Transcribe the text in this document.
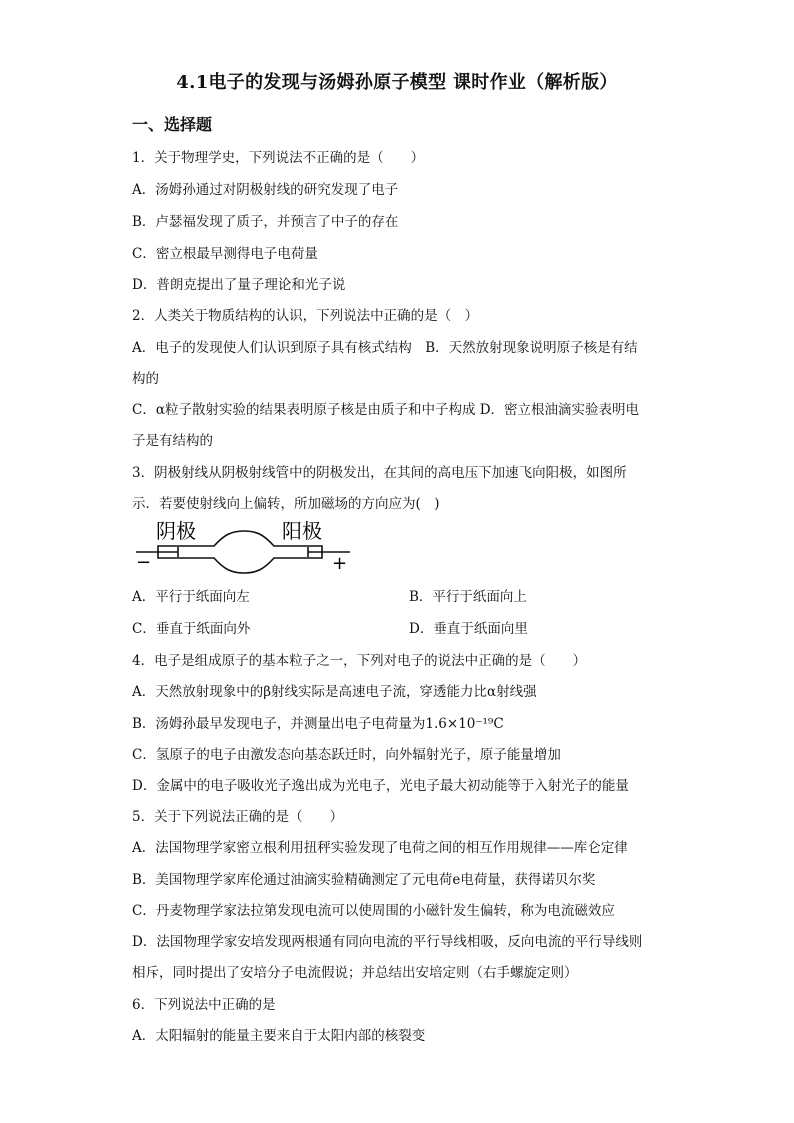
4.1电子的发现与汤姆孙原子模型 课时作业（解析版）
一、选择题
1．关于物理学史，下列说法不正确的是（　　）
A．汤姆孙通过对阴极射线的研究发现了电子
B．卢瑟福发现了质子，并预言了中子的存在
C．密立根最早测得电子电荷量
D．普朗克提出了量子理论和光子说
2．人类关于物质结构的认识，下列说法中正确的是（　）
A．电子的发现使人们认识到原子具有核式结构　B．天然放射现象说明原子核是有结
构的
C．α粒子散射实验的结果表明原子核是由质子和中子构成 D．密立根油滴实验表明电
子是有结构的
3．阴极射线从阴极射线管中的阴极发出，在其间的高电压下加速飞向阳极，如图所
示．若要使射线向上偏转，所加磁场的方向应为(　)
阴极	阳极
−	+
A．平行于纸面向左	B．平行于纸面向上
C．垂直于纸面向外	D．垂直于纸面向里
4．电子是组成原子的基本粒子之一，下列对电子的说法中正确的是（　　）
A．天然放射现象中的β射线实际是高速电子流，穿透能力比α射线强
B．汤姆孙最早发现电子，并测量出电子电荷量为1.6×10⁻¹⁹C
C．氢原子的电子由激发态向基态跃迁时，向外辐射光子，原子能量增加
D．金属中的电子吸收光子逸出成为光电子，光电子最大初动能等于入射光子的能量
5．关于下列说法正确的是（　　）
A．法国物理学家密立根利用扭秤实验发现了电荷之间的相互作用规律——库仑定律
B．美国物理学家库伦通过油滴实验精确测定了元电荷e电荷量，获得诺贝尔奖
C．丹麦物理学家法拉第发现电流可以使周围的小磁针发生偏转，称为电流磁效应
D．法国物理学家安培发现两根通有同向电流的平行导线相吸，反向电流的平行导线则
相斥，同时提出了安培分子电流假说；并总结出安培定则（右手螺旋定则）
6．下列说法中正确的是
A．太阳辐射的能量主要来自于太阳内部的核裂变
